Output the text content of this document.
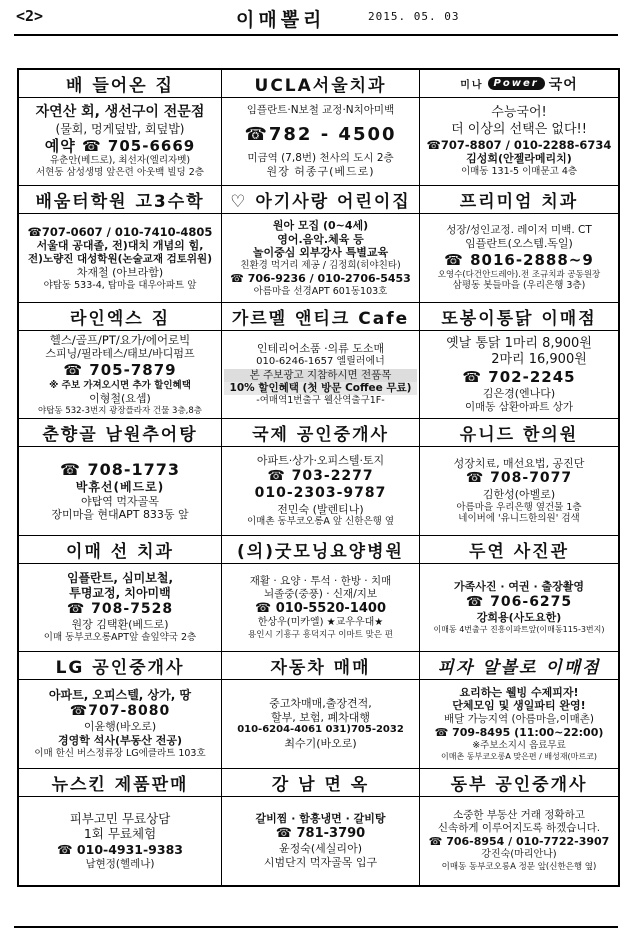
<2>	이매뽈리	2015. 05. 03
배 들어온 집
자연산 회, 생선구이 전문점
(물회, 멍게덮밥, 회덮밥)
예약 ☎ 705-6669
유춘안(베드로), 최선자(엘리자벳)
서현동 삼성생명 앞은련 아웃백 빌딩 2층
UCLA서울치과
임플란트·N보철 교정·N치아미백
☎782 - 4500
미금역 (7,8번) 천사의 도시 2층
원장 허종구(베드로)
미나	Power 국어
수능국어!
더 이상의 선택은 없다!!
☎707-8807 / 010-2288-6734
김성희(안젤라메리치)
이매동 131-5 이매문고 4층
배움터학원 고3수학
☎707-0607 / 010-7410-4805
서울대 공대졸, 전)대치 개념의 힘,
전)노량진 대성학원(논술교재 검토위원)
차재철 (아브라함)
야탑동 533-4, 탑마을 대우아파트 앞
♡ 아기사랑 어린이집
원아 모집 (0~4세)
영어.음악.체육 등
놀이중심 외부강사 특별교육
친환경 먹거리 제공 / 김정희(히야친타)
☎ 706-9236 / 010-2706-5453
아름마을 선경APT 601동103호
프리미엄 치과
성장/성인교정. 레이저 미백. CT
임플란트(오스템.독일)
☎ 8016-2888~9
오영수(다건안드레아).전 조규치과 공동원장
삼평동 봇들마을 (우리은행 3층)
라인엑스 짐
헬스/골프/PT/요가/에어로빅
스피닝/필라테스/태보/바디펌프
☎ 705-7879
※ 주보 가져오시면 추가 할인혜택
이형철(요셉)
야탑동 532-3번지 광장플라자 건물 3층,8층
가르멜 앤티크 Cafe
인테리어소품 ·의류 도소매
010-6246-1657 엘릴러에너
본 주보광고 지참하시면 전품목
10% 할인혜택 (첫 방문 Coffee 무료)
-여매역1번출구 웰산역출구1F-
또봉이통닭 이매점
옛날 통닭 1마리 8,900원
2마리 16,900원
☎ 702-2245
김은경(엔나다)
이매동 삼환아파트 상가
춘향골 남원추어탕
☎ 708-1773
박휴선(베드로)
야탑역 먹자골목
장미마을 현대APT 833동 앞
국제 공인중개사
아파트·상가·오피스텔·토지
☎ 703-2277
010-2303-9787
전민숙 (발렌티나)
이매촌 동부코오롱A 앞 신한은행 옆
유니드 한의원
성장치료, 매선요법, 공진단
☎ 708-7077
김한성(아벨로)
아름마을 우리은행 옆건물 1층
네이버에 '유니드한의원' 검색
이매 선 치과
임플란트, 심미보철,
투명교정, 치아미백
☎ 708-7528
원장 김택환(베드로)
이매 동부코오롱APT앞 솔잎약국 2층
(의)굿모닝요양병원
재활 · 요양 · 투석 · 한방 · 치매
뇌졸중(중풍) · 신재/지보
☎ 010-5520-1400
한상우(미카엘) ★교우우대★
용인시 기흥구 흥덕지구 이마트 맞은 편
두연 사진관
가족사진 · 여권 · 출장촬영
☎ 706-6275
강희용(사도요한)
이매동 4번출구 진흥이파트앞(이매동115-3번지)
LG 공인중개사
아파트, 오피스텔, 상가, 땅
☎707-8080
이윤행(바오로)
경영학 석사(부동산 전공)
이매 한신 버스정류장 LG에클라트 103호
자동차 매매
중고차매매,출장견적,
할부, 보험, 폐차대행
010-6204-4061 031)705-2032
최수기(바오로)
피자 알볼로 이매점
요리하는 웰빙 수제피자!
단체모임 및 생일파티 완영!
배달 가능지역 (아름마을,이매촌)
☎ 709-8495 (11:00~22:00)
※주보소지시 음료무료
이매촌 동부코오롱A 맞은편 / 배성재(마르코)
뉴스킨 제품판매
피부고민 무료상담
1회 무료체험
☎ 010-4931-9383
남현정(헬레나)
강 남 면 옥
갈비찜 · 함흥냉면 · 갈비탕
☎ 781-3790
윤정숙(세실리아)
시범단지 먹자골목 입구
동부 공인중개사
소중한 부동산 거래 정확하고
신속하게 이루어지도록 하겠습니다.
☎ 706-8954 / 010-7722-3907
강진숙(마리안나)
이매동 동부코오롱A 정문 앞(신한은행 옆)
